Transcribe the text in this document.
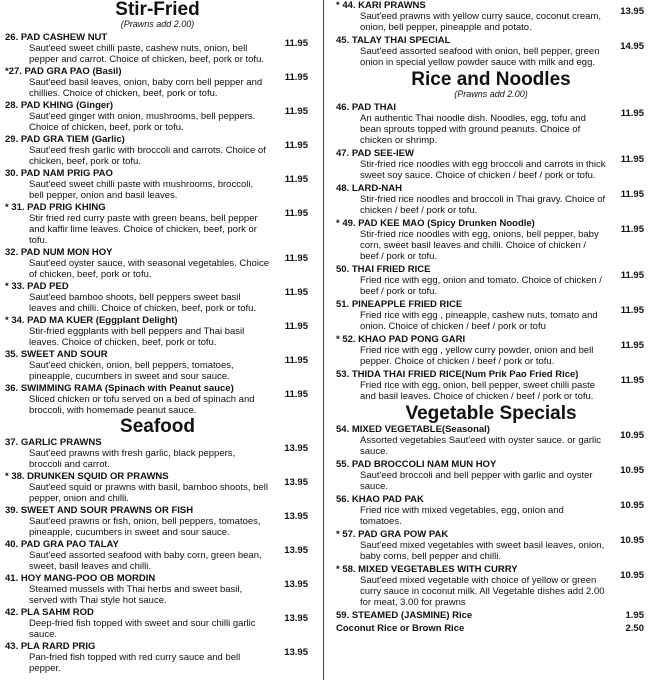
Stir-Fried
(Prawns add 2.00)
26. PAD CASHEW NUT
Saut'eed sweet chilli paste, cashew nuts, onion, bell pepper and carrot. Choice of chicken, beef, pork or tofu.
11.95
*27. PAD GRA PAO (Basil)
Saut'eed basil leaves, onion, baby corn bell pepper and chillies. Choice of chicken, beef, pork or tofu.
11.95
28. PAD KHING (Ginger)
Saut'eed ginger with onion, mushrooms, bell peppers. Choice of chicken, beef, pork or tofu.
11.95
29. PAD GRA TIEM (Garlic)
Saut'eed fresh garlic with broccoli and carrots. Choice of chicken, beef, pork or tofu.
11.95
30. PAD NAM PRIG PAO
Saut'eed sweet chilli paste with mushrooms, broccoli, bell pepper, onion and basil leaves.
11.95
* 31. PAD PRIG KHING
Stir fried red curry paste with green beans, bell pepper and kaffir lime leaves. Choice of chicken, beef, pork or tofu.
11.95
32. PAD NUM MON HOY
Saut'eed oyster sauce, with seasonal vegetables. Choice of chicken, beef, pork or tofu.
11.95
* 33. PAD PED
Saut'eed bamboo shoots, bell peppers sweet basil leaves and chilli. Choice of chicken, beef, pork or tofu.
11.95
* 34. PAD MA KUER (Eggplant Delight)
Stir-fried eggplants with bell peppers and Thai basil leaves. Choice of chicken, beef, pork or tofu.
11.95
35. SWEET AND SOUR
Saut'eed chicken, onion, bell peppers, tomatoes, pineapple, cucumbers in sweet and sour sauce.
11.95
36. SWIMMING RAMA (Spinach with Peanut sauce)
Sliced chicken or tofu served on a bed of spinach and broccoli, with homemade peanut sauce.
11.95
Seafood
37. GARLIC PRAWNS
Saut'eed prawns with fresh garlic, black peppers, broccoli and carrot.
13.95
* 38. DRUNKEN SQUID OR PRAWNS
Saut'eed squid or prawns with basil, bamboo shoots, bell pepper, onion and chilli.
13.95
39. SWEET AND SOUR PRAWNS OR FISH
Saut'eed prawns or fish, onion, bell peppers, tomatoes, pineapple, cucumbers in sweet and sour sauce.
13.95
40. PAD GRA PAO TALAY
Saut'eed assorted seafood with baby corn, green bean, sweet, basil leaves and chilli.
13.95
41. HOY MANG-POO OB MORDIN
Steamed mussels with Thai herbs and sweet basil, served with Thai style hot sauce.
13.95
42. PLA SAHM ROD
Deep-fried fish topped with sweet and sour chilli garlic sauce.
13.95
43. PLA RARD PRIG
Pan-fried fish topped with red curry sauce and bell pepper.
13.95
* 44. KARI PRAWNS
Saut'eed prawns with yellow curry sauce, coconut cream, onion, bell pepper, pineapple and potato.
13.95
45. TALAY THAI SPECIAL
Saut'eed assorted seafood with onion, bell pepper, green onion in special yellow powder sauce with milk and egg.
14.95
Rice and Noodles
(Prawns add 2.00)
46. PAD THAI
An authentic Thai noodle dish. Noodles, egg, tofu and bean sprouts topped with ground peanuts. Choice of chicken or shrimp.
11.95
47. PAD SEE-IEW
Stir-fried rice noodles with egg broccoli and carrots in thick sweet soy sauce. Choice of chicken / beef / pork or tofu.
11.95
48. LARD-NAH
Stir-fried rice noodles and broccoli in Thai gravy. Choice of chicken / beef / pork or tofu.
11.95
* 49. PAD KEE MAO (Spicy Drunken Noodle)
Stir-fried rice noodles with egg, onions, bell pepper, baby corn, sweet basil leaves and chilli. Choice of chicken / beef / pork or tofu.
11.95
50. THAI FRIED RICE
Fried rice with egg, onion and tomato. Choice of chicken / beef / pork or tofu.
11.95
51. PINEAPPLE FRIED RICE
Fried rice with egg , pineapple, cashew nuts, tomato and onion. Choice of chicken / beef / pork or tofu
11.95
* 52. KHAO PAD PONG GARI
Fried rice with egg , yellow curry powder, onion and bell pepper. Choice of chicken / beef / pork or tofu.
11.95
53. THIDA THAI FRIED RICE(Num Prik Pao Fried Rice)
Fried rice with egg, onion, bell pepper, sweet chilli paste and basil leaves. Choice of chicken / beef / pork or tofu.
11.95
Vegetable Specials
54. MIXED VEGETABLE(Seasonal)
Assorted vegetables Saut'eed with oyster sauce. or garlic sauce.
10.95
55. PAD BROCCOLI NAM MUN HOY
Saut'eed broccoli and bell pepper with garlic and oyster sauce.
10.95
56. KHAO PAD PAK
Fried rice with mixed vegetables, egg, onion and tomatoes.
10.95
* 57. PAD GRA POW PAK
Saut'eed mixed vegetables with sweet basil leaves, onion, baby corns, bell pepper and chilli.
10.95
* 58. MIXED VEGETABLES WITH CURRY
Saut'eed mixed vegetable with choice of yellow or green curry sauce in coconut milk. All Vegetable dishes add 2.00 for meat, 3.00 for prawns
10.95
59. STEAMED (JASMINE) Rice	1.95
Coconut Rice or Brown Rice	2.50
